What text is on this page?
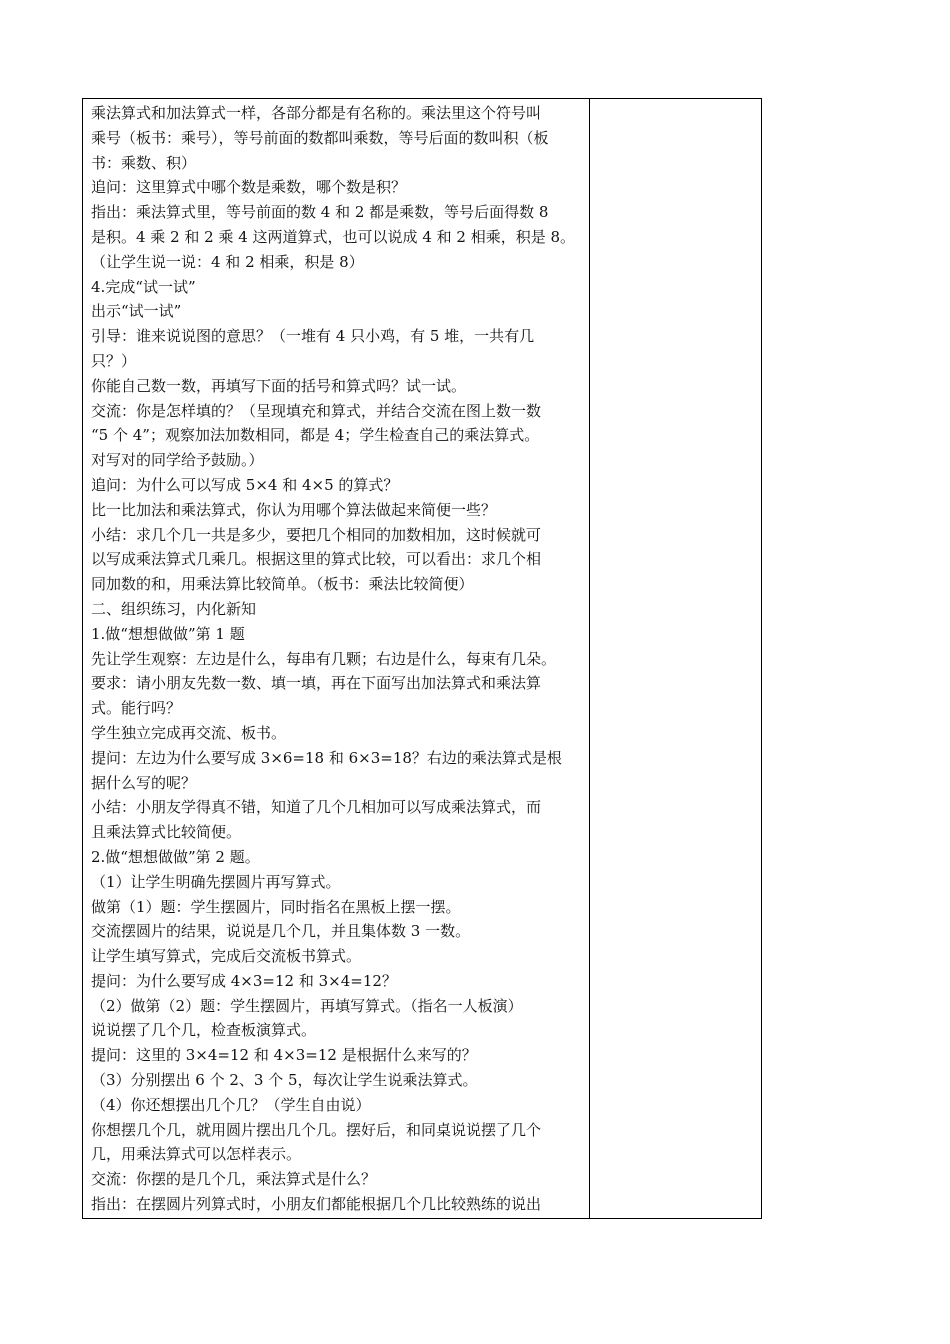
乘法算式和加法算式一样，各部分都是有名称的。乘法里这个符号叫
乘号（板书：乘号），等号前面的数都叫乘数，等号后面的数叫积（板
书：乘数、积）
追问：这里算式中哪个数是乘数，哪个数是积？
指出：乘法算式里，等号前面的数 4 和 2 都是乘数，等号后面得数 8
是积。4 乘 2 和 2 乘 4 这两道算式，也可以说成 4 和 2 相乘，积是 8。
（让学生说一说：4 和 2 相乘，积是 8）
4.完成“试一试”
出示“试一试”
引导：谁来说说图的意思？（一堆有 4 只小鸡，有 5 堆，一共有几
只？）
你能自己数一数，再填写下面的括号和算式吗？试一试。
交流：你是怎样填的？（呈现填充和算式，并结合交流在图上数一数
“5 个 4”；观察加法加数相同，都是 4；学生检查自己的乘法算式。
对写对的同学给予鼓励。）
追问：为什么可以写成 5×4 和 4×5 的算式？
比一比加法和乘法算式，你认为用哪个算法做起来简便一些？
小结：求几个几一共是多少，要把几个相同的加数相加，这时候就可
以写成乘法算式几乘几。根据这里的算式比较，可以看出：求几个相
同加数的和，用乘法算比较简单。（板书：乘法比较简便）
二、组织练习，内化新知
1.做“想想做做”第 1 题
先让学生观察：左边是什么，每串有几颗；右边是什么，每束有几朵。
要求：请小朋友先数一数、填一填，再在下面写出加法算式和乘法算
式。能行吗？
学生独立完成再交流、板书。
提问：左边为什么要写成 3×6=18 和 6×3=18？右边的乘法算式是根
据什么写的呢？
小结：小朋友学得真不错，知道了几个几相加可以写成乘法算式，而
且乘法算式比较简便。
2.做“想想做做”第 2 题。
（1）让学生明确先摆圆片再写算式。
做第（1）题：学生摆圆片，同时指名在黑板上摆一摆。
交流摆圆片的结果，说说是几个几，并且集体数 3 一数。
让学生填写算式，完成后交流板书算式。
提问：为什么要写成 4×3=12 和 3×4=12？
（2）做第（2）题：学生摆圆片，再填写算式。（指名一人板演）
说说摆了几个几，检查板演算式。
提问：这里的 3×4=12 和 4×3=12 是根据什么来写的？
（3）分别摆出 6 个 2、3 个 5，每次让学生说乘法算式。
（4）你还想摆出几个几？（学生自由说）
你想摆几个几，就用圆片摆出几个几。摆好后，和同桌说说摆了几个
几，用乘法算式可以怎样表示。
交流：你摆的是几个几，乘法算式是什么？
指出：在摆圆片列算式时，小朋友们都能根据几个几比较熟练的说出
